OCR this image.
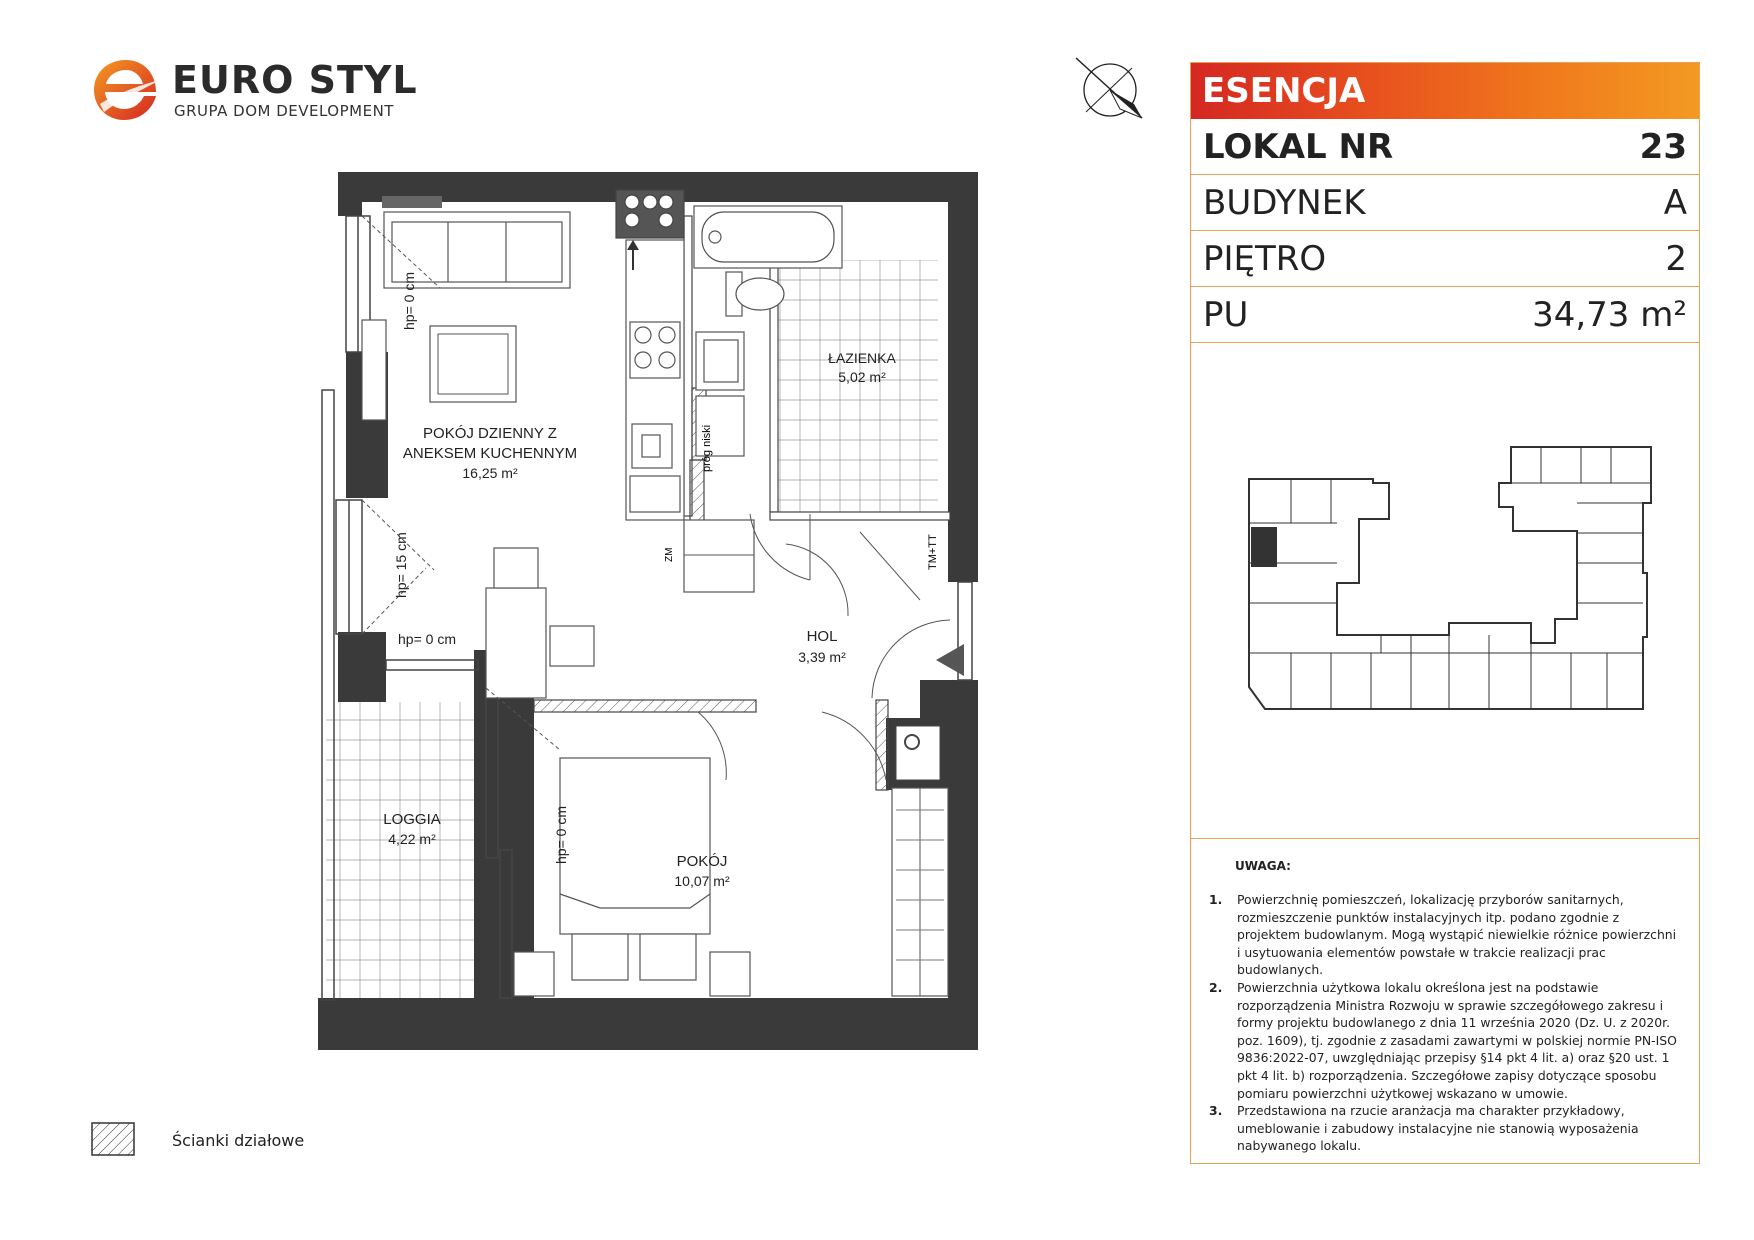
EURO STYL
GRUPA DOM DEVELOPMENT
POKÓJ DZIENNY Z
ANEKSEM KUCHENNYM
16,25 m²
ŁAZIENKA
5,02 m²
HOL
3,39 m²
LOGGIA
4,22 m²
POKÓJ
10,07 m²
hp= 0 cm
hp= 15 cm
hp= 0 cm
hp= 0 cm
próg niski
ZM	TM+TT
ESENCJA
LOKAL NR	23
BUDYNEK	A
PIĘTRO	2
PU	34,73 m²
UWAGA:
1.	Powierzchnię pomieszczeń, lokalizację przyborów sanitarnych, rozmieszczenie punktów instalacyjnych itp. podano zgodnie z projektem budowlanym. Mogą wystąpić niewielkie różnice powierzchni i usytuowania elementów powstałe w trakcie realizacji prac budowlanych.
2.	Powierzchnia użytkowa lokalu określona jest na podstawie rozporządzenia Ministra Rozwoju w sprawie szczegółowego zakresu i formy projektu budowlanego z dnia 11 września 2020 (Dz. U. z 2020r. poz. 1609), tj. zgodnie z zasadami zawartymi w polskiej normie PN-ISO 9836:2022-07, uwzględniając przepisy §14 pkt 4 lit. a) oraz §20 ust. 1 pkt 4 lit. b) rozporządzenia. Szczegółowe zapisy dotyczące sposobu pomiaru powierzchni użytkowej wskazano w umowie.
3.	Przedstawiona na rzucie aranżacja ma charakter przykładowy, umeblowanie i zabudowy instalacyjne nie stanowią wyposażenia nabywanego lokalu.
Ścianki działowe
